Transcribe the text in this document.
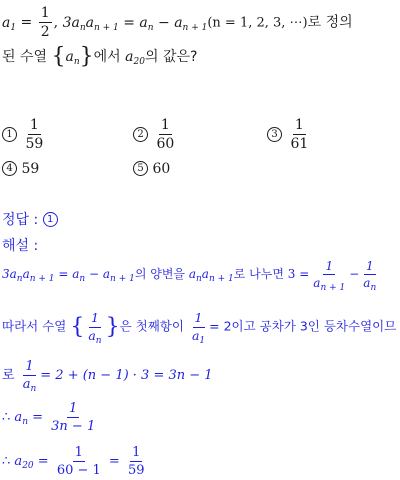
$a_1 = \frac{1}{2}$ , $3a_na_{n + 1} = a_n - a_{n + 1}(n = 1$, 2, 3, ⋯)로 정의
된 수열 $\{a_n\}$에서 $a_{20}$의 값은?
$1 \frac{1}{59}$	$2 \frac{1}{60}$	$3 \frac{1}{61}$
4 59	5 60
정답 : 1
해설 :
$3a_na_{n + 1} = a_n - a_{n + 1}$의 양변을 $a_na_{n + 1}$로 나누면 $3 = \frac{1}{a_{n + 1}} - \frac{1}{a_n}$
따라서 수열 { $\frac{1}{a_n}$ }은 첫째항이 $\frac{1}{a_1} = 2$이고 공차가 3인 등차수열이므
로 $\frac{1}{a_n} = 2 + (n - 1) \cdot 3 = 3n - 1$
∴ $a_n = \frac{1}{3n - 1}$
∴ $a_{20} = \frac{1}{60 - 1} = \frac{1}{59}$
